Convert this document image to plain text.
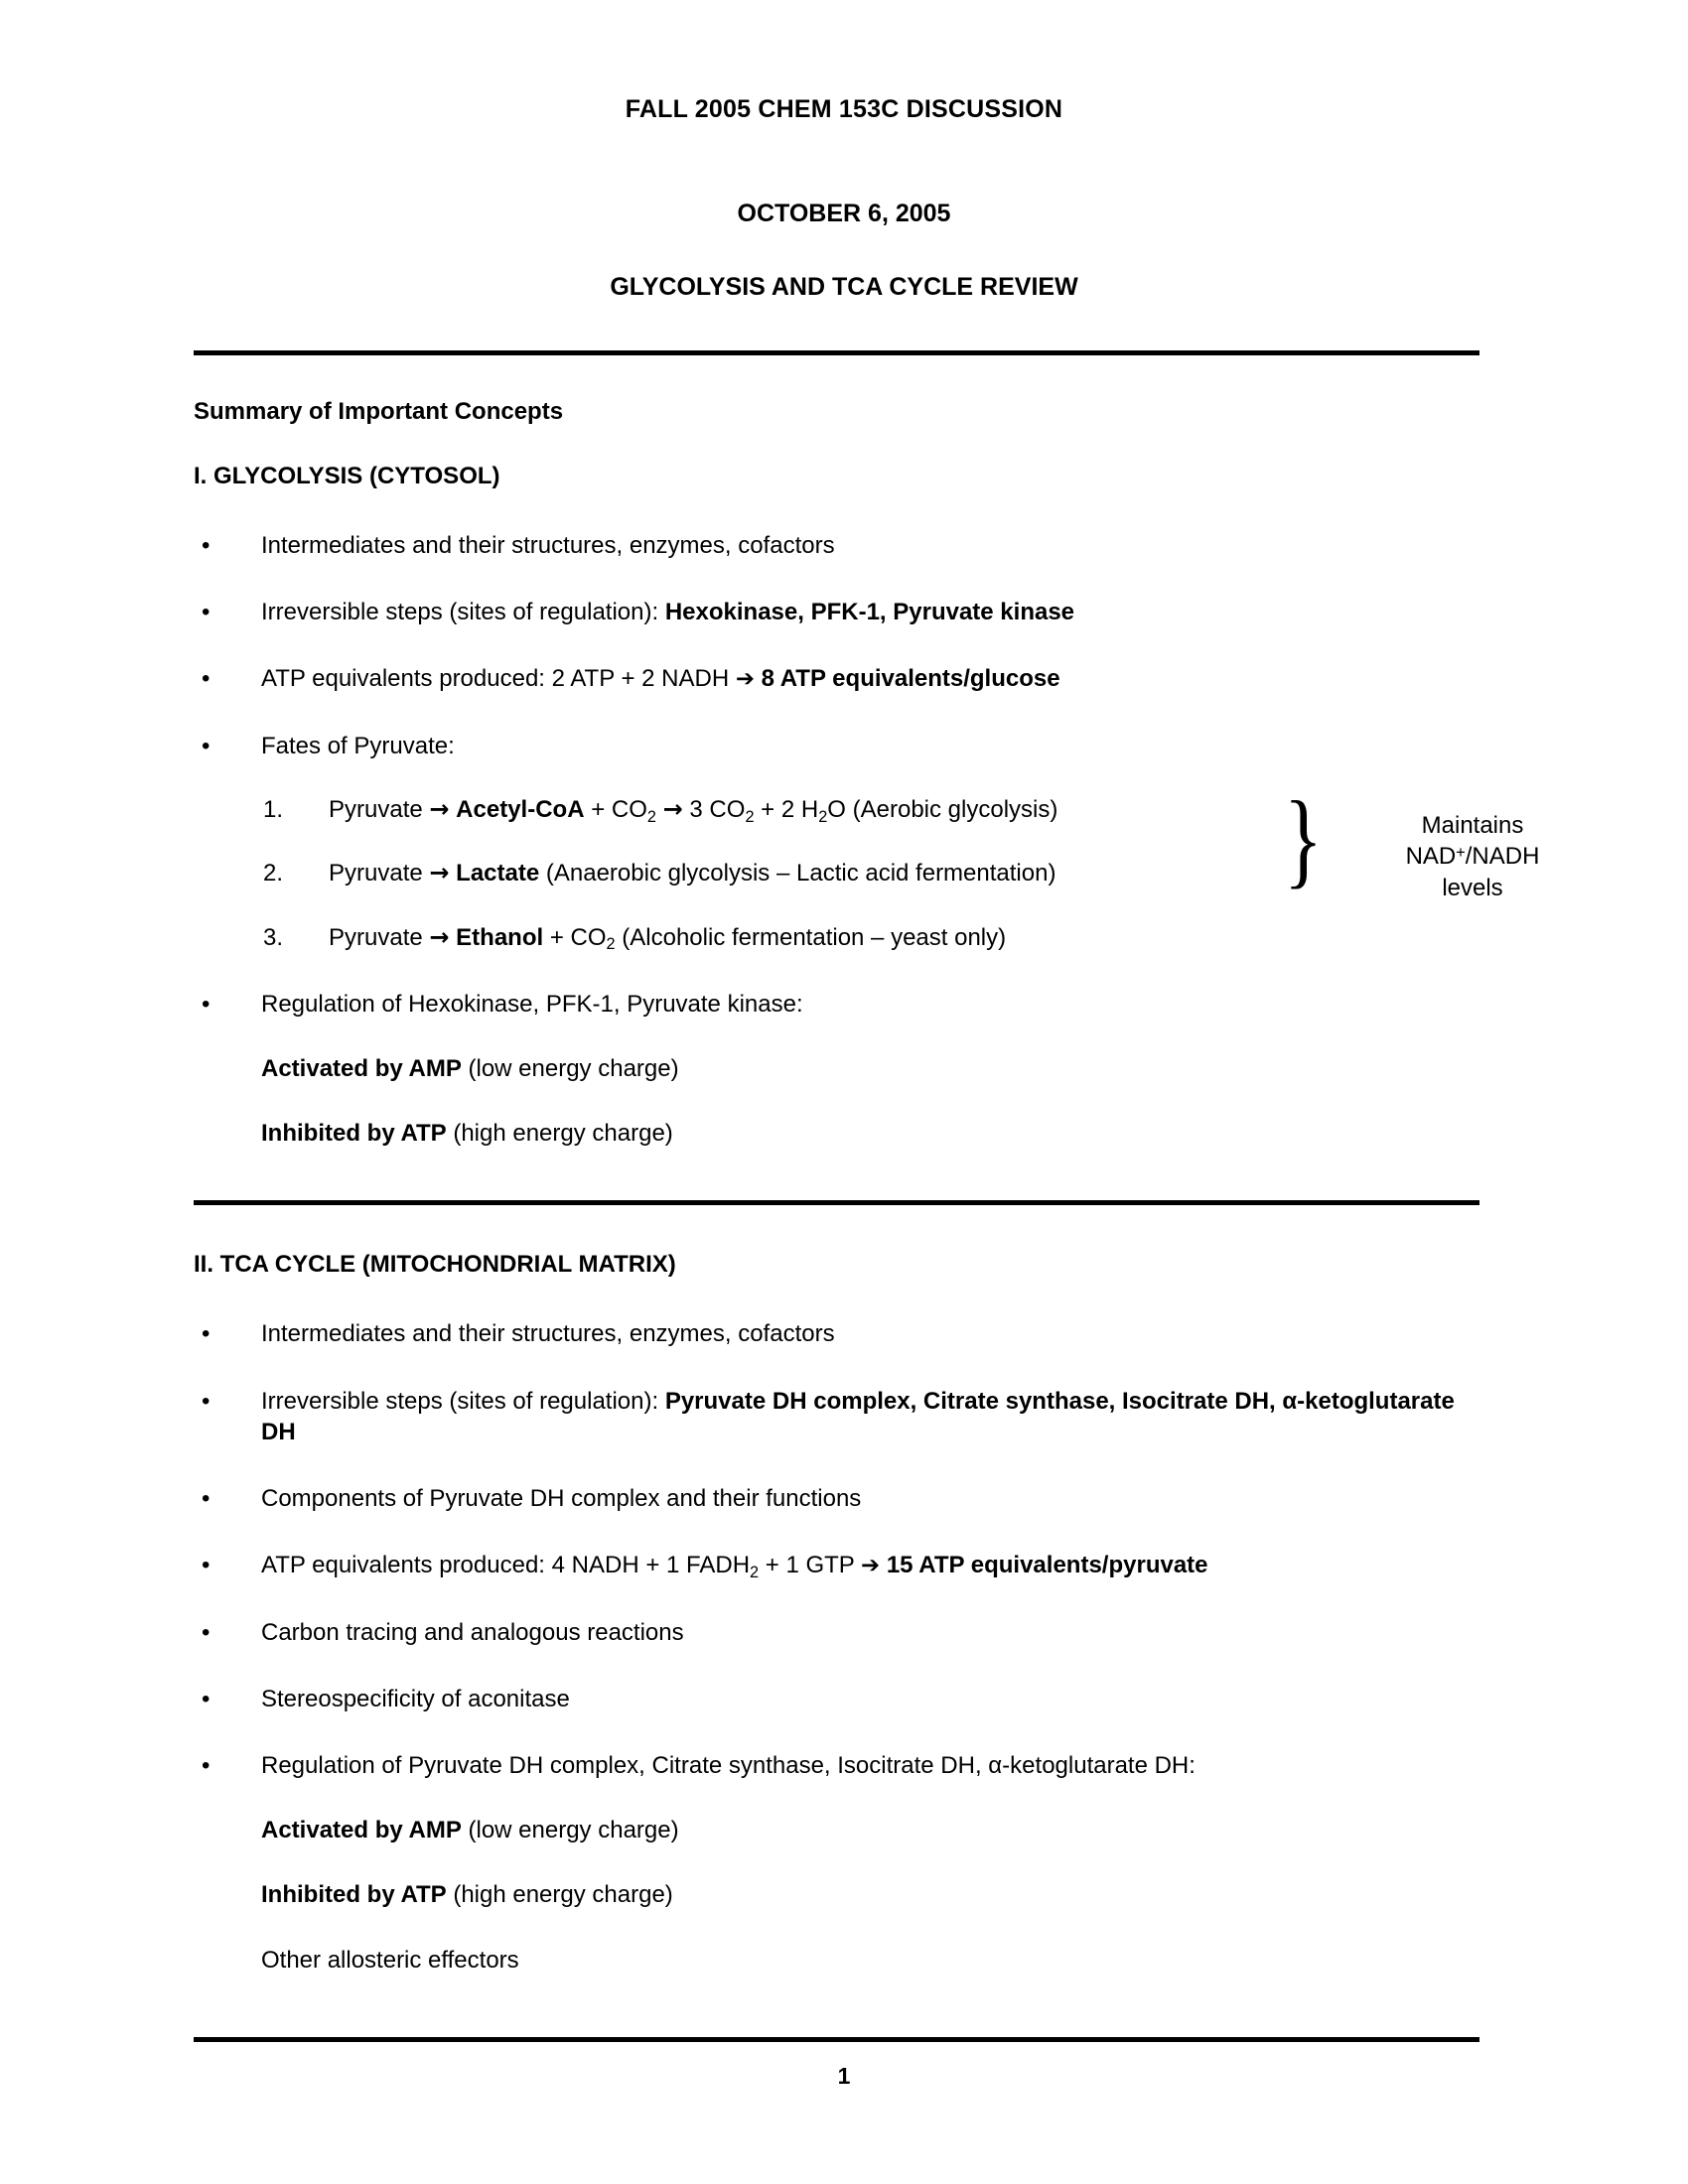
FALL 2005 CHEM 153C DISCUSSION
OCTOBER 6, 2005
GLYCOLYSIS AND TCA CYCLE REVIEW
Summary of Important Concepts
I. GLYCOLYSIS (CYTOSOL)
• Intermediates and their structures, enzymes, cofactors
• Irreversible steps (sites of regulation): Hexokinase, PFK-1, Pyruvate kinase
• ATP equivalents produced: 2 ATP + 2 NADH ➔ 8 ATP equivalents/glucose
• Fates of Pyruvate:
1. Pyruvate → Acetyl-CoA + $CO_2 \to 3$ $CO_2 + 2$ $H_2O$ (Aerobic glycolysis)
2. Pyruvate → Lactate (Anaerobic glycolysis – Lactic acid fermentation)
3. Pyruvate → Ethanol + $CO_2$ (Alcoholic fermentation – yeast only)
}	Maintains
NAD+/NADH
levels
• Regulation of Hexokinase, PFK-1, Pyruvate kinase:
Activated by AMP (low energy charge)
Inhibited by ATP (high energy charge)
II. TCA CYCLE (MITOCHONDRIAL MATRIX)
• Intermediates and their structures, enzymes, cofactors
• Irreversible steps (sites of regulation): Pyruvate DH complex, Citrate synthase, Isocitrate DH, α-ketoglutarate DH
• Components of Pyruvate DH complex and their functions
• ATP equivalents produced: 4 NADH + 1 $FADH_2 + 1$ GTP ➔ 15 ATP equivalents/pyruvate
• Carbon tracing and analogous reactions
• Stereospecificity of aconitase
• Regulation of Pyruvate DH complex, Citrate synthase, Isocitrate DH, α-ketoglutarate DH:
Activated by AMP (low energy charge)
Inhibited by ATP (high energy charge)
Other allosteric effectors
1
